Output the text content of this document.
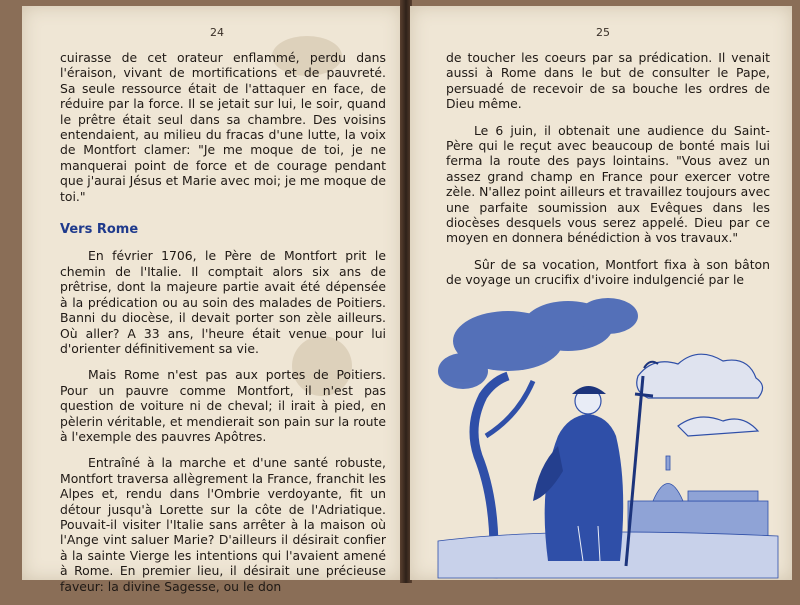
24

cuirasse de cet orateur enflammé, perdu dans l'éraison, vivant de mortifications et de pauvreté. Sa seule ressource était de l'attaquer en face, de réduire par la force. Il se jetait sur lui, le soir, quand le prêtre était seul dans sa chambre. Des voisins entendaient, au milieu du fracas d'une lutte, la voix de Montfort clamer: "Je me moque de toi, je ne manquerai point de force et de courage pendant que j'aurai Jésus et Marie avec moi; je me moque de toi."

Vers Rome

En février 1706, le Père de Montfort prit le chemin de l'Italie. Il comptait alors six ans de prêtrise, dont la majeure partie avait été dépensée à la prédication ou au soin des malades de Poitiers. Banni du diocèse, il devait porter son zèle ailleurs. Où aller? A 33 ans, l'heure était venue pour lui d'orienter définitivement sa vie.

Mais Rome n'est pas aux portes de Poitiers. Pour un pauvre comme Montfort, il n'est pas question de voiture ni de cheval; il irait à pied, en pèlerin véritable, et mendierait son pain sur la route à l'exemple des pauvres Apôtres.

Entraîné à la marche et d'une santé robuste, Montfort traversa allègrement la France, franchit les Alpes et, rendu dans l'Ombrie verdoyante, fit un détour jusqu'à Lorette sur la côte de l'Adriatique. Pouvait-il visiter l'Italie sans arrêter à la maison où l'Ange vint saluer Marie? D'ailleurs il désirait confier à la sainte Vierge les intentions qui l'avaient amené à Rome. En premier lieu, il désirait une précieuse faveur: la divine Sagesse, ou le don

25

de toucher les coeurs par sa prédication. Il venait aussi à Rome dans le but de consulter le Pape, persuadé de recevoir de sa bouche les ordres de Dieu même.

Le 6 juin, il obtenait une audience du Saint-Père qui le reçut avec beaucoup de bonté mais lui ferma la route des pays lointains. "Vous avez un assez grand champ en France pour exercer votre zèle. N'allez point ailleurs et travaillez toujours avec une parfaite soumission aux Evêques dans les diocèses desquels vous serez appelé. Dieu par ce moyen en donnera bénédiction à vos travaux."

Sûr de sa vocation, Montfort fixa à son bâton de voyage un crucifix d'ivoire indulgencié par le
